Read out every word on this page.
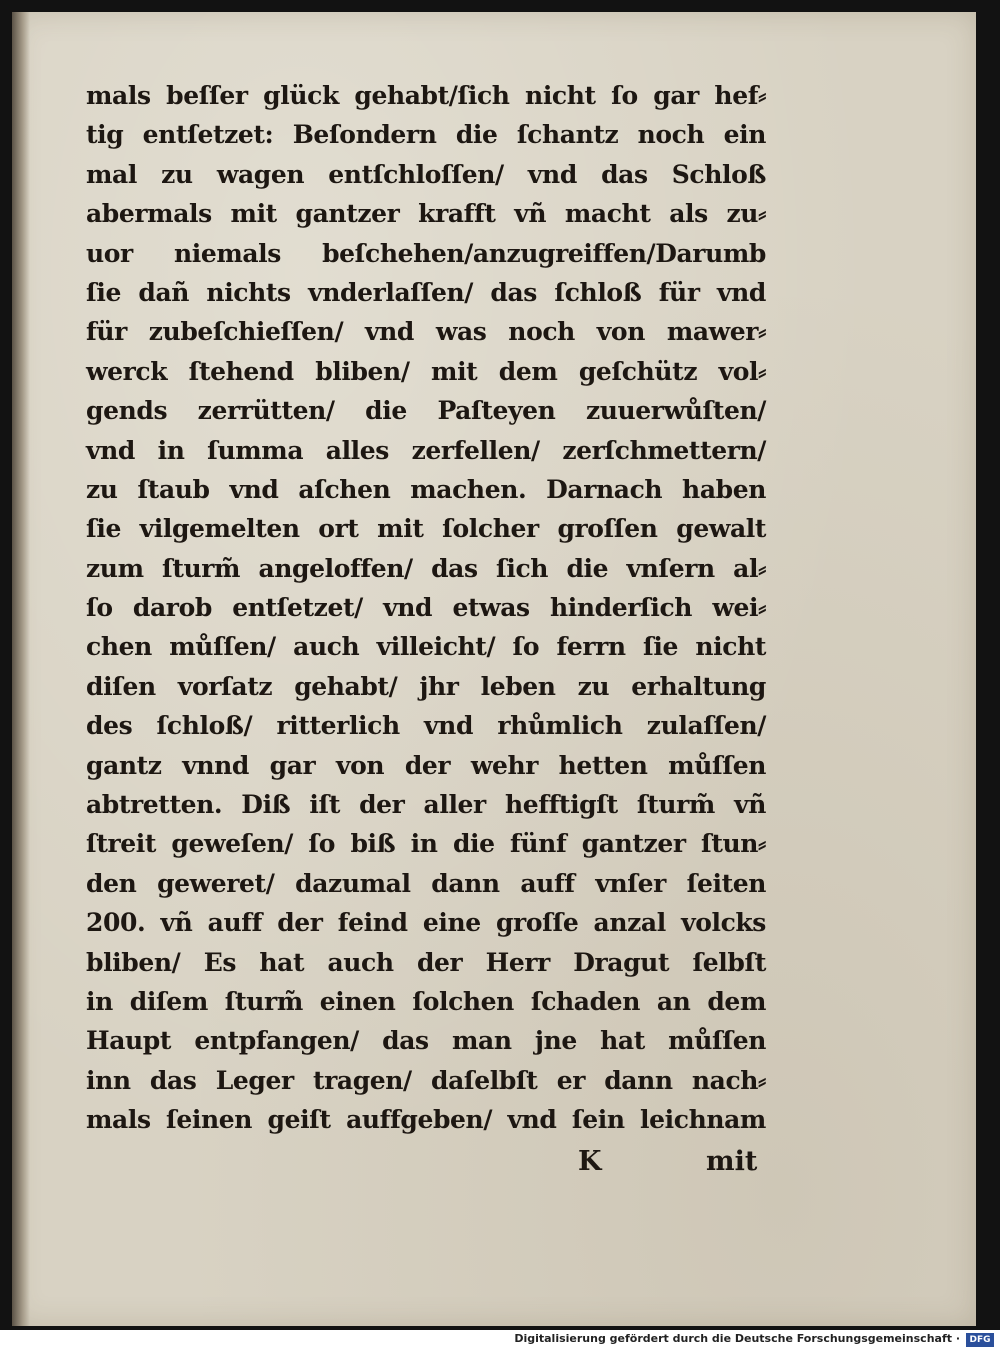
mals beſſer glück gehabt/ſich nicht ſo gar hef⸗
tig entſetzet: Beſondern die ſchantz noch ein
mal zu wagen entſchloſſen/ vnd das Schloß
abermals mit gantzer krafft vñ macht als zu⸗
uor niemals beſchehen/anzugreiffen/Darumb
ſie dañ nichts vnderlaſſen/ das ſchloß für vnd
für zubeſchieſſen/ vnd was noch von mawer⸗
werck ſtehend bliben/ mit dem geſchütz vol⸗
gends zerrütten/ die Paſteyen zuuerwůſten/
vnd in ſumma alles zerfellen/ zerſchmettern/
zu ſtaub vnd aſchen machen. Darnach haben
ſie vilgemelten ort mit ſolcher groſſen gewalt
zum ſturm̃ angeloffen/ das ſich die vnſern al⸗
ſo darob entſetzet/ vnd etwas hinderſich wei⸗
chen můſſen/ auch villeicht/ ſo ferrn ſie nicht
diſen vorſatz gehabt/ jhr leben zu erhaltung
des ſchloß/ ritterlich vnd rhůmlich zulaſſen/
gantz vnnd gar von der wehr hetten můſſen
abtretten. Diß iſt der aller hefftigſt ſturm̃ vñ
ſtreit geweſen/ ſo biß in die fünf gantzer ſtun⸗
den geweret/ dazumal dann auff vnſer ſeiten
200. vñ auff der feind eine groſſe anzal volcks
bliben/ Es hat auch der Herr Dragut ſelbſt
in diſem ſturm̃ einen ſolchen ſchaden an dem
Haupt entpfangen/ das man jne hat můſſen
inn das Leger tragen/ daſelbſt er dann nach⸗
mals ſeinen geiſt auffgeben/ vnd ſein leichnam
K	mit
Digitalisierung gefördert durch die Deutsche Forschungsgemeinschaft ·	DFG
